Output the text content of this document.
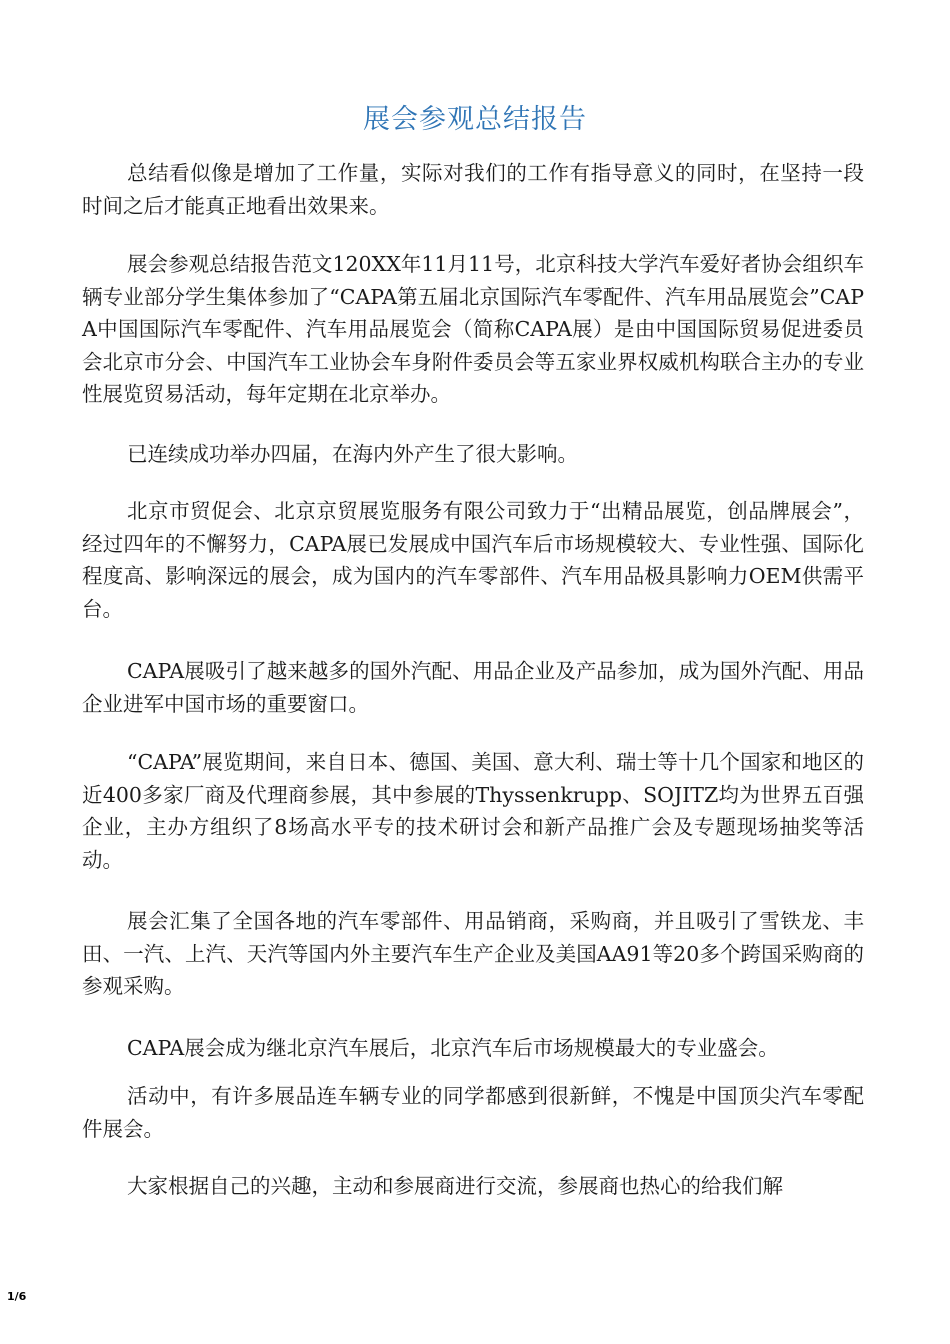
展会参观总结报告

总结看似像是增加了工作量，实际对我们的工作有指导意义的同时，在坚持一段时间之后才能真正地看出效果来。

展会参观总结报告范文120XX年11月11号，北京科技大学汽车爱好者协会组织车辆专业部分学生集体参加了“CAPA第五届北京国际汽车零配件、汽车用品展览会”CAPA中国国际汽车零配件、汽车用品展览会（简称CAPA展）是由中国国际贸易促进委员会北京市分会、中国汽车工业协会车身附件委员会等五家业界权威机构联合主办的专业性展览贸易活动，每年定期在北京举办。

已连续成功举办四届，在海内外产生了很大影响。

北京市贸促会、北京京贸展览服务有限公司致力于“出精品展览，创品牌展会”，经过四年的不懈努力，CAPA展已发展成中国汽车后市场规模较大、专业性强、国际化程度高、影响深远的展会，成为国内的汽车零部件、汽车用品极具影响力OEM供需平台。

CAPA展吸引了越来越多的国外汽配、用品企业及产品参加，成为国外汽配、用品企业进军中国市场的重要窗口。

“CAPA”展览期间，来自日本、德国、美国、意大利、瑞士等十几个国家和地区的近400多家厂商及代理商参展，其中参展的Thyssenkrupp、SOJITZ均为世界五百强企业，主办方组织了8场高水平专的技术研讨会和新产品推广会及专题现场抽奖等活动。

展会汇集了全国各地的汽车零部件、用品销商，采购商，并且吸引了雪铁龙、丰田、一汽、上汽、天汽等国内外主要汽车生产企业及美国AA91等20多个跨国采购商的参观采购。

CAPA展会成为继北京汽车展后，北京汽车后市场规模最大的专业盛会。

活动中，有许多展品连车辆专业的同学都感到很新鲜，不愧是中国顶尖汽车零配件展会。

大家根据自己的兴趣，主动和参展商进行交流，参展商也热心的给我们解

1/6
